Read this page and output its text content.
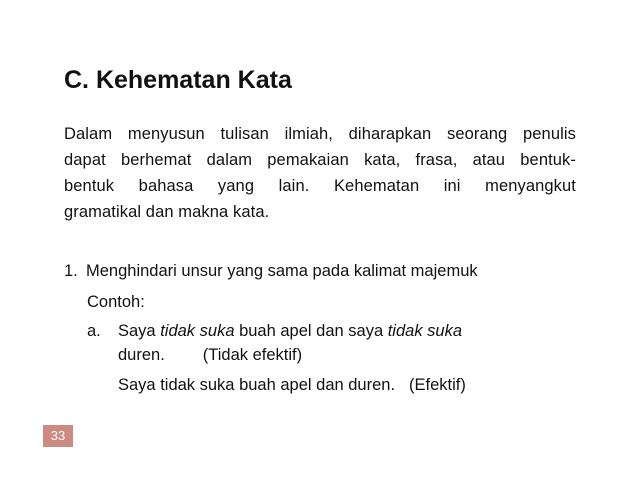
C. Kehematan Kata
Dalam menyusun tulisan ilmiah, diharapkan seorang penulis
dapat berhemat dalam pemakaian kata, frasa, atau bentuk-
bentuk bahasa yang lain. Kehematan ini menyangkut
gramatikal dan makna kata.
1. Menghindari unsur yang sama pada kalimat majemuk
Contoh:
a. Saya tidak suka buah apel dan saya tidak suka
duren. (Tidak efektif)
Saya tidak suka buah apel dan duren. (Efektif)
33
